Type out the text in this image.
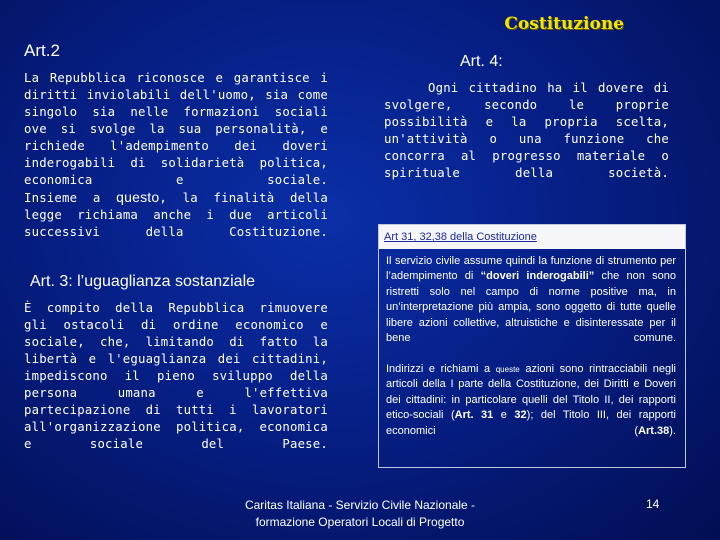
Costituzione
Art.2
La Repubblica riconosce e garantisce i diritti inviolabili dell'uomo, sia come singolo sia nelle formazioni sociali ove si svolge la sua personalità, e richiede l'adempimento dei doveri inderogabili di solidarietà politica, economica e sociale.
Insieme a questo, la finalità della legge richiama anche i due articoli successivi della Costituzione.
Art. 3: l’uguaglianza sostanziale
È compito della Repubblica rimuovere gli ostacoli di ordine economico e sociale, che, limitando di fatto la libertà e l'eguaglianza dei cittadini, impediscono il pieno sviluppo della persona umana e l'effettiva partecipazione di tutti i lavoratori all'organizzazione politica, economica e sociale del Paese.
Art. 4:
Ogni cittadino ha il dovere di svolgere, secondo le proprie possibilità e la propria scelta, un'attività o una funzione che concorra al progresso materiale o spirituale della società.
Art 31, 32,38 della Costituzione
Il servizio civile assume quindi la funzione di strumento per l’adempimento di “doveri inderogabili” che non sono ristretti solo nel campo di norme positive ma, in un’interpretazione più ampia, sono oggetto di tutte quelle libere azioni collettive, altruistiche e disinteressate per il bene comune.
Indirizzi e richiami a queste azioni sono rintracciabili negli articoli della I parte della Costituzione, dei Diritti e Doveri dei cittadini: in particolare quelli del Titolo II, dei rapporti etico-sociali (Art. 31 e 32); del Titolo III, dei rapporti economici (Art.38).
Caritas Italiana - Servizio Civile Nazionale -
formazione Operatori Locali di Progetto
14
